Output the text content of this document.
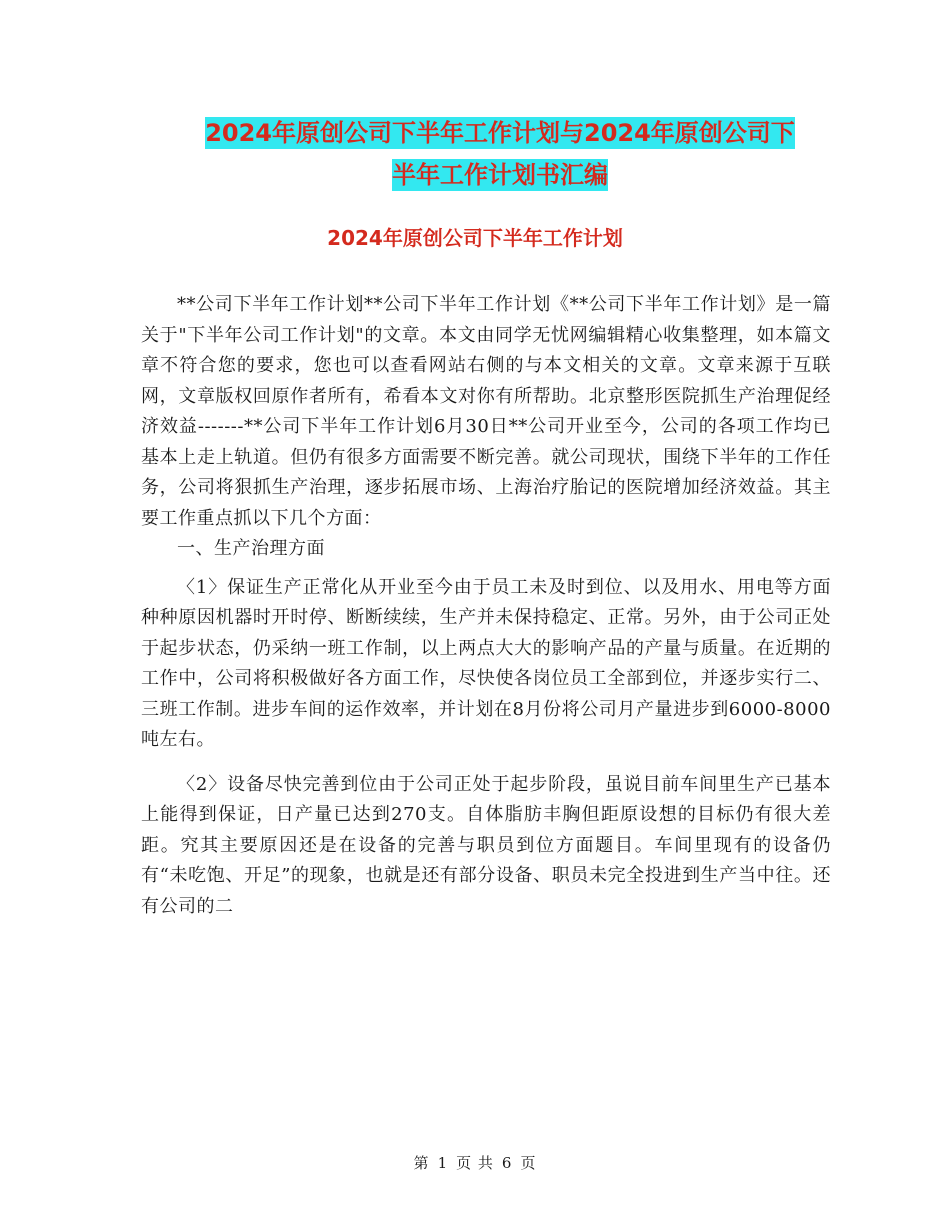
2024年原创公司下半年工作计划与2024年原创公司下
半年工作计划书汇编
2024年原创公司下半年工作计划

**公司下半年工作计划**公司下半年工作计划《**公司下半年工作计划》是一篇关于"下半年公司工作计划"的文章。本文由同学无忧网编辑精心收集整理，如本篇文章不符合您的要求，您也可以查看网站右侧的与本文相关的文章。文章来源于互联网，文章版权回原作者所有，希看本文对你有所帮助。北京整形医院抓生产治理促经济效益-------**公司下半年工作计划6月30日**公司开业至今，公司的各项工作均已基本上走上轨道。但仍有很多方面需要不断完善。就公司现状，围绕下半年的工作任务，公司将狠抓生产治理，逐步拓展市场、上海治疗胎记的医院增加经济效益。其主要工作重点抓以下几个方面：

一、生产治理方面

〈1〉保证生产正常化从开业至今由于员工未及时到位、以及用水、用电等方面种种原因机器时开时停、断断续续，生产并未保持稳定、正常。另外，由于公司正处于起步状态，仍采纳一班工作制，以上两点大大的影响产品的产量与质量。在近期的工作中，公司将积极做好各方面工作，尽快使各岗位员工全部到位，并逐步实行二、三班工作制。进步车间的运作效率，并计划在8月份将公司月产量进步到6000-8000吨左右。

〈2〉设备尽快完善到位由于公司正处于起步阶段，虽说目前车间里生产已基本上能得到保证，日产量已达到270支。自体脂肪丰胸但距原设想的目标仍有很大差距。究其主要原因还是在设备的完善与职员到位方面题目。车间里现有的设备仍有“未吃饱、开足”的现象，也就是还有部分设备、职员未完全投进到生产当中往。还有公司的二

第 1 页 共 6 页
